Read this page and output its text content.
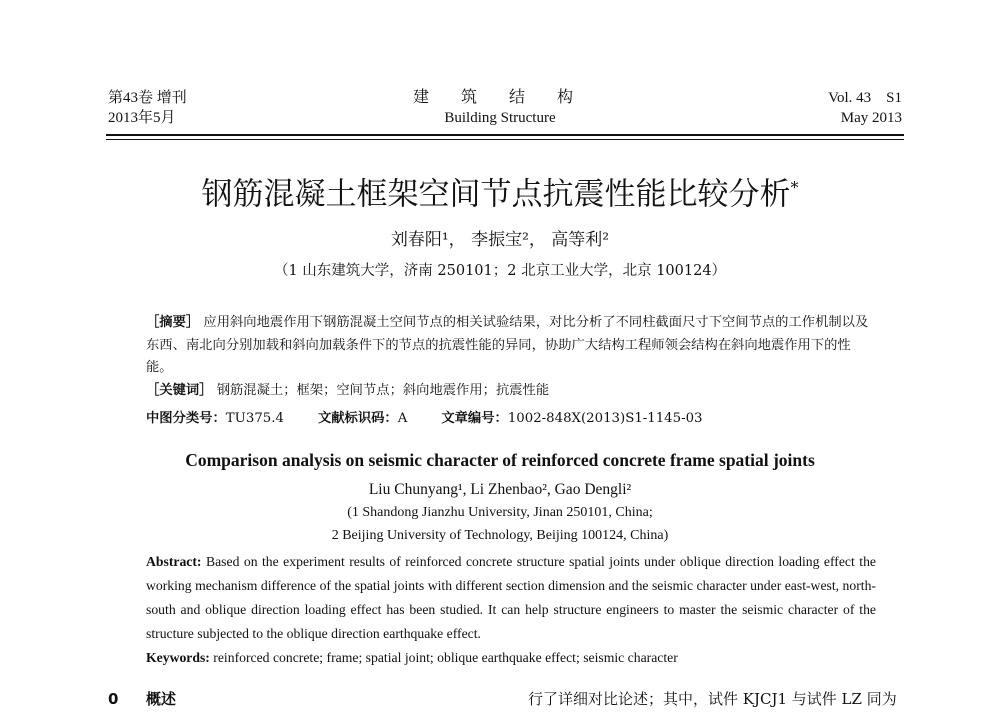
第43卷 增刊
2013年5月
建 筑 结 构
Building Structure
Vol. 43    S1
May 2013
钢筋混凝土框架空间节点抗震性能比较分析*
刘春阳¹， 李振宝²， 高等利²
（1 山东建筑大学，济南 250101；2 北京工业大学，北京 100124）
［摘要］ 应用斜向地震作用下钢筋混凝土空间节点的相关试验结果，对比分析了不同柱截面尺寸下空间节点的工作机制以及东西、南北向分别加载和斜向加载条件下的节点的抗震性能的异同，协助广大结构工程师领会结构在斜向地震作用下的性能。
［关键词］ 钢筋混凝土；框架；空间节点；斜向地震作用；抗震性能
中图分类号：TU375.4	文献标识码：A	文章编号：1002-848X(2013)S1-1145-03
Comparison analysis on seismic character of reinforced concrete frame spatial joints
Liu Chunyang¹, Li Zhenbao², Gao Dengli²
(1 Shandong Jianzhu University, Jinan 250101, China;
2 Beijing University of Technology, Beijing 100124, China)
Abstract: Based on the experiment results of reinforced concrete structure spatial joints under oblique direction loading effect the working mechanism difference of the spatial joints with different section dimension and the seismic character under east-west, north-south and oblique direction loading effect has been studied. It can help structure engineers to master the seismic character of the structure subjected to the oblique direction earthquake effect.
Keywords: reinforced concrete; frame; spatial joint; oblique earthquake effect; seismic character
0 概述	行了详细对比论述；其中，试件 KJCJ1 与试件 LZ 同为
